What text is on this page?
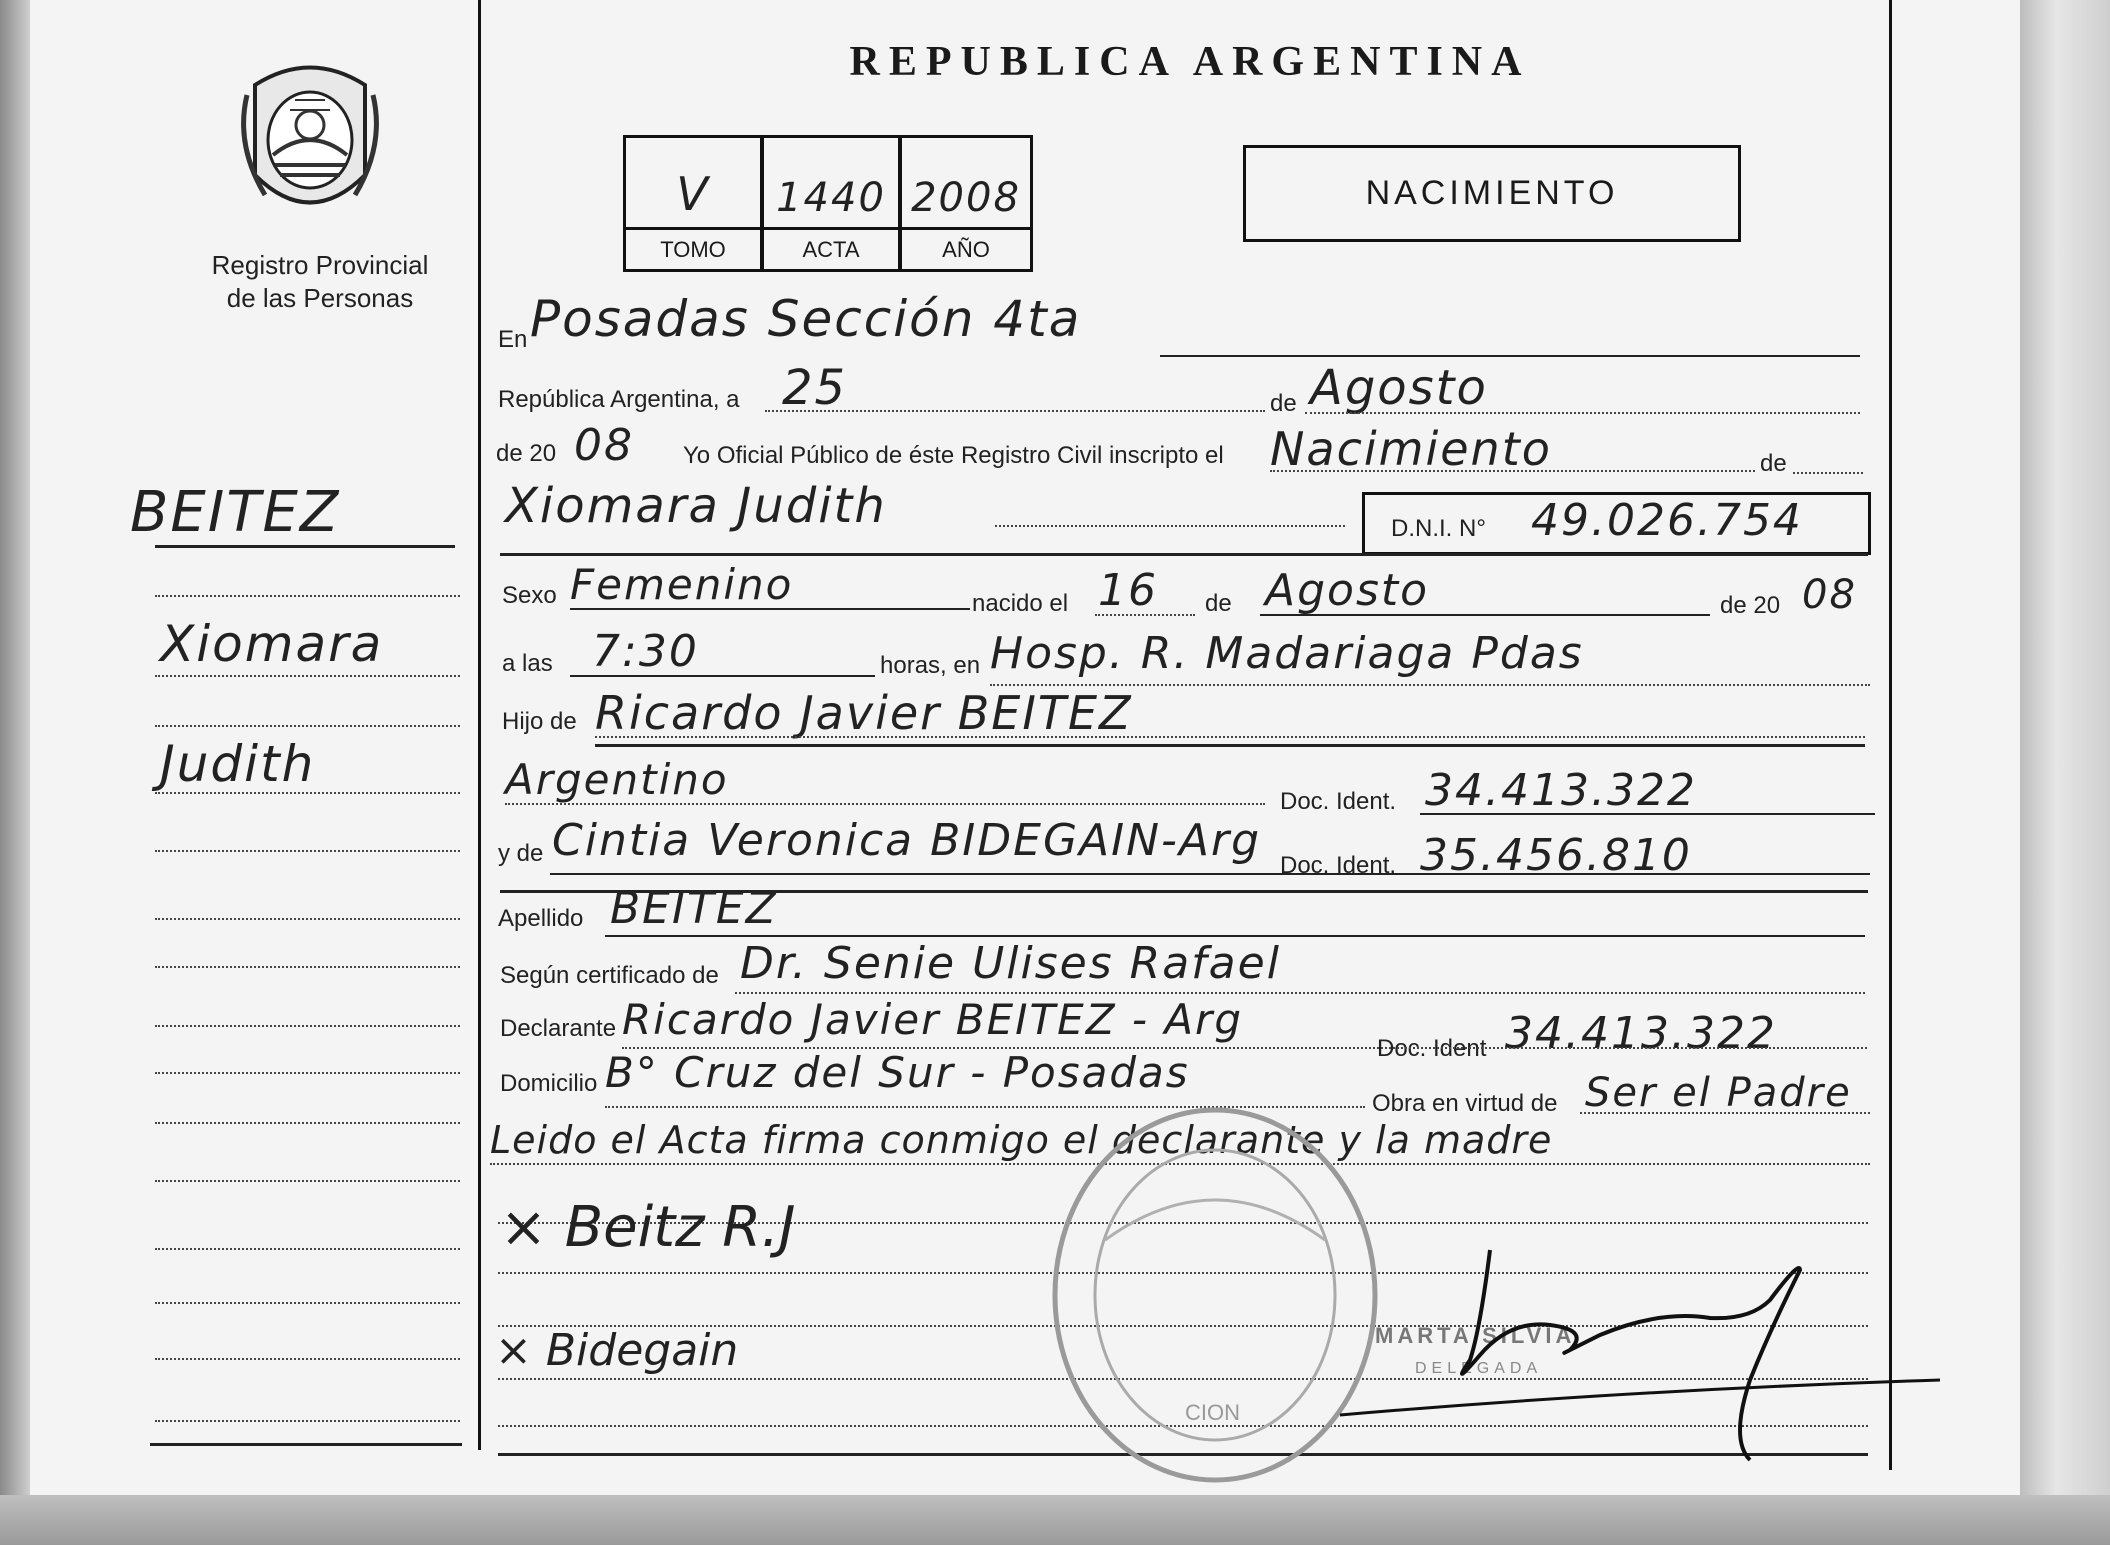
Registro Provincial
de las Personas
REPUBLICA ARGENTINA
V	1440 2008
TOMO	ACTA	AÑO
NACIMIENTO
BEITEZ
Xiomara
Judith
En Posadas Sección 4ta
República Argentina, a 25	de Agosto
de 20 08 Yo Oficial Público de éste Registro Civil inscripto el Nacimiento	de
Xiomara Judith	D.N.I. N° 49.026.754
Sexo Femenino	nacido el 16 de Agosto	de 20 08
a las 7:30	horas, en Hosp. R. Madariaga Pdas
Hijo de Ricardo Javier BEITEZ
Argentino	Doc. Ident. 34.413.322
y de Cintia Veronica BIDEGAIN-Arg Doc. Ident. 35.456.810
Apellido BEITEZ
Según certificado de Dr. Senie Ulises Rafael
Declarante Ricardo Javier BEITEZ - Arg
Doc. Ident 34.413.322
Domicilio B° Cruz del Sur - Posadas
Obra en virtud de Ser el Padre
Leido el Acta firma conmigo el declarante y la madre
× Beitz R.J
× Bidegain
CION
MARTA SILVIA
DELEGADA
